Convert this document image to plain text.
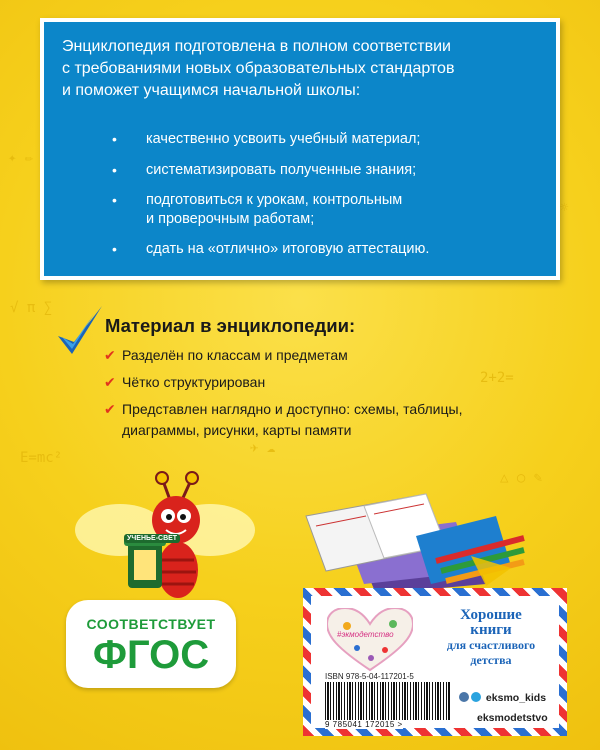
√ π ∑
2+2=
E=mc²
△ ○ ✎
✦ ✏
☼
✈ ☁
Энциклопедия подготовлена в полном соответствии
с требованиями новых образовательных стандартов
и поможет учащимся начальной школы:
• качественно усвоить учебный материал;
• систематизировать полученные знания;
• подготовиться к урокам, контрольным
и проверочным работам;
• сдать на «отлично» итоговую аттестацию.
Материал в энциклопедии:
✔ Разделён по классам и предметам
✔ Чётко структурирован
✔ Представлен наглядно и доступно: схемы, таблицы,
диаграммы, рисунки, карты памяти
УЧЕНЬЕ-СВЕТ
СООТВЕТСТВУЕТ
ФГОС	#экмодетство
Хорошие
книги
для счастливого
детства
ISBN 978-5-04-117201-5
9 785041 172015 >
eksmo_kids
eksmodetstvo
